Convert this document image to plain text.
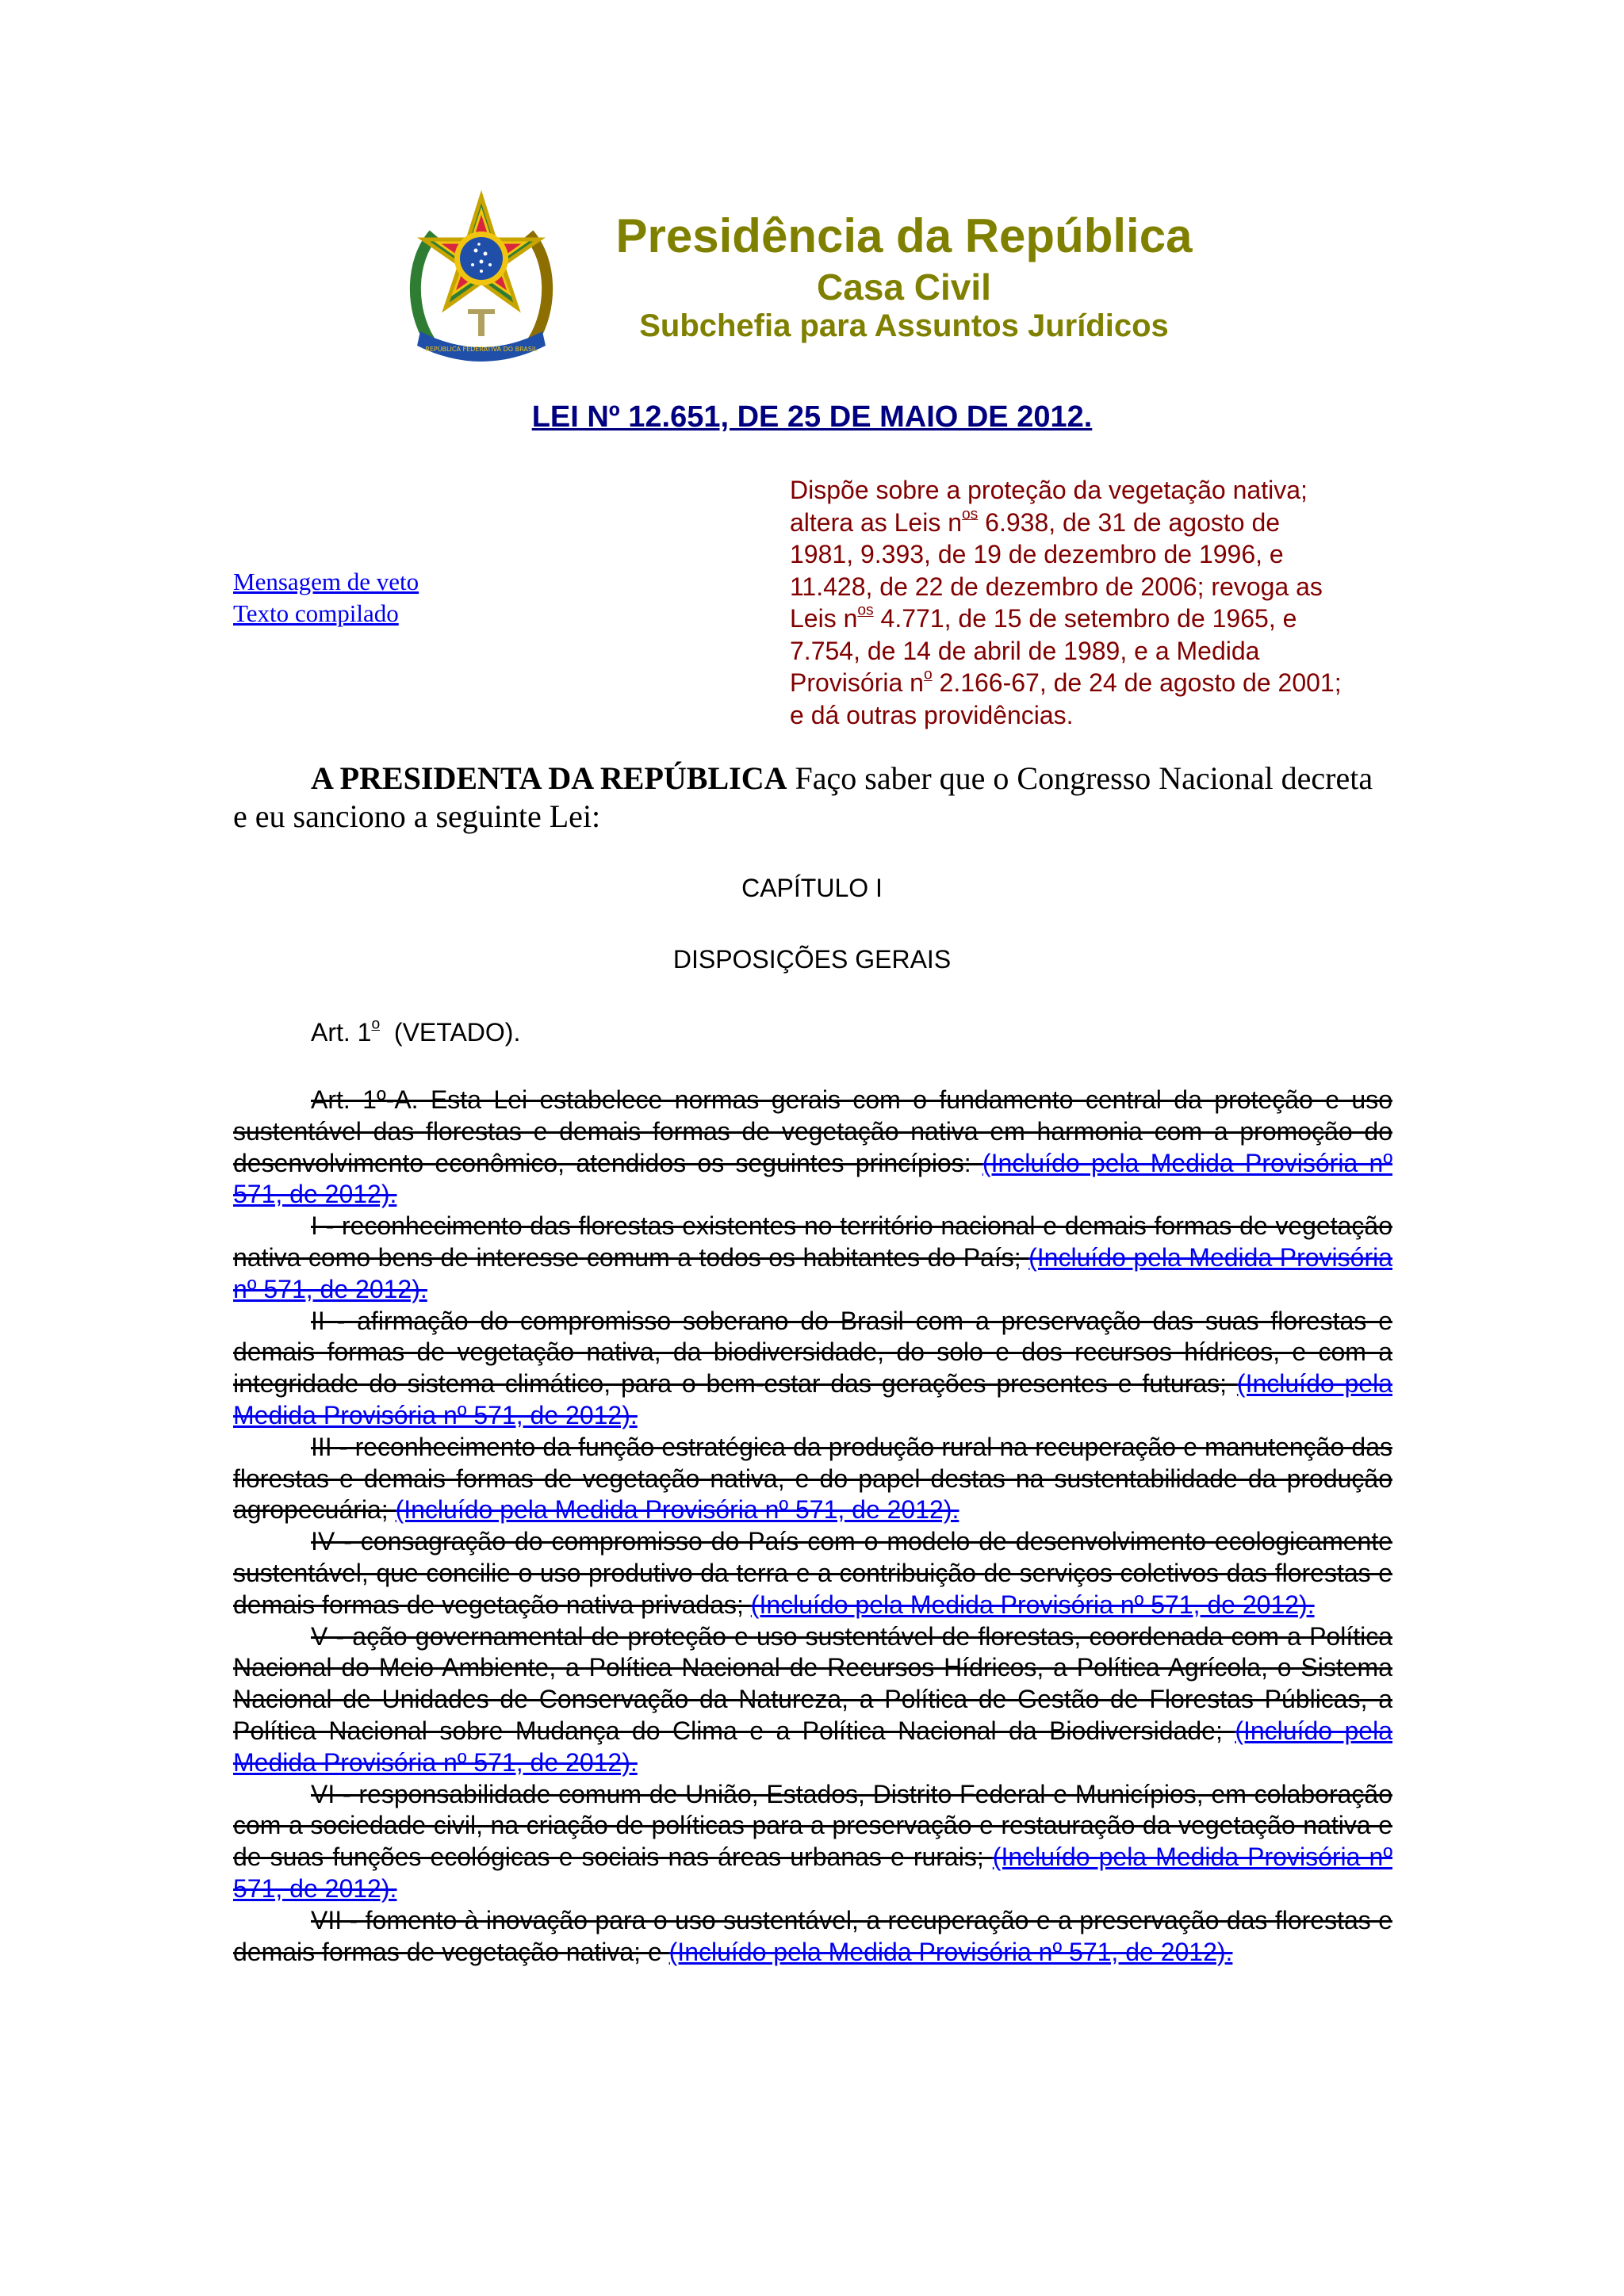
REPÚBLICA FEDERATIVA DO BRASIL
Presidência da República
Casa Civil
Subchefia para Assuntos Jurídicos
LEI Nº 12.651, DE 25 DE MAIO DE 2012.
Mensagem de veto
Texto compilado
Dispõe sobre a proteção da vegetação nativa;
altera as Leis $n^{os}$ 6.938, de 31 de agosto de
1981, 9.393, de 19 de dezembro de 1996, e
11.428, de 22 de dezembro de 2006; revoga as
Leis $n^{os}$ 4.771, de 15 de setembro de 1965, e
7.754, de 14 de abril de 1989, e a Medida
Provisória $n^o$ 2.166-67, de 24 de agosto de 2001;
e dá outras providências.
A PRESIDENTA DA REPÚBLICA Faço saber que o Congresso Nacional decreta e eu sanciono a seguinte Lei:
CAPÍTULO I
DISPOSIÇÕES GERAIS
Art. 1$^o$  (VETADO).

Art. 1º-A. Esta Lei estabelece normas gerais com o fundamento central da proteção e uso sustentável das florestas e demais formas de vegetação nativa em harmonia com a promoção do desenvolvimento econômico, atendidos os seguintes princípios: (Incluído pela Medida Provisória nº 571, de 2012).

I - reconhecimento das florestas existentes no território nacional e demais formas de vegetação nativa como bens de interesse comum a todos os habitantes do País; (Incluído pela Medida Provisória nº 571, de 2012).

II - afirmação do compromisso soberano do Brasil com a preservação das suas florestas e demais formas de vegetação nativa, da biodiversidade, do solo e dos recursos hídricos, e com a integridade do sistema climático, para o bem-estar das gerações presentes e futuras; (Incluído pela Medida Provisória nº 571, de 2012).

III - reconhecimento da função estratégica da produção rural na recuperação e manutenção das florestas e demais formas de vegetação nativa, e do papel destas na sustentabilidade da produção agropecuária; (Incluído pela Medida Provisória nº 571, de 2012).

IV - consagração do compromisso do País com o modelo de desenvolvimento ecologicamente sustentável, que concilie o uso produtivo da terra e a contribuição de serviços coletivos das florestas e demais formas de vegetação nativa privadas; (Incluído pela Medida Provisória nº 571, de 2012).

V - ação governamental de proteção e uso sustentável de florestas, coordenada com a Política Nacional do Meio Ambiente, a Política Nacional de Recursos Hídricos, a Política Agrícola, o Sistema Nacional de Unidades de Conservação da Natureza, a Política de Gestão de Florestas Públicas, a Política Nacional sobre Mudança do Clima e a Política Nacional da Biodiversidade; (Incluído pela Medida Provisória nº 571, de 2012).

VI - responsabilidade comum de União, Estados, Distrito Federal e Municípios, em colaboração com a sociedade civil, na criação de políticas para a preservação e restauração da vegetação nativa e de suas funções ecológicas e sociais nas áreas urbanas e rurais; (Incluído pela Medida Provisória nº 571, de 2012).

VII - fomento à inovação para o uso sustentável, a recuperação e a preservação das florestas e demais formas de vegetação nativa; e (Incluído pela Medida Provisória nº 571, de 2012).
